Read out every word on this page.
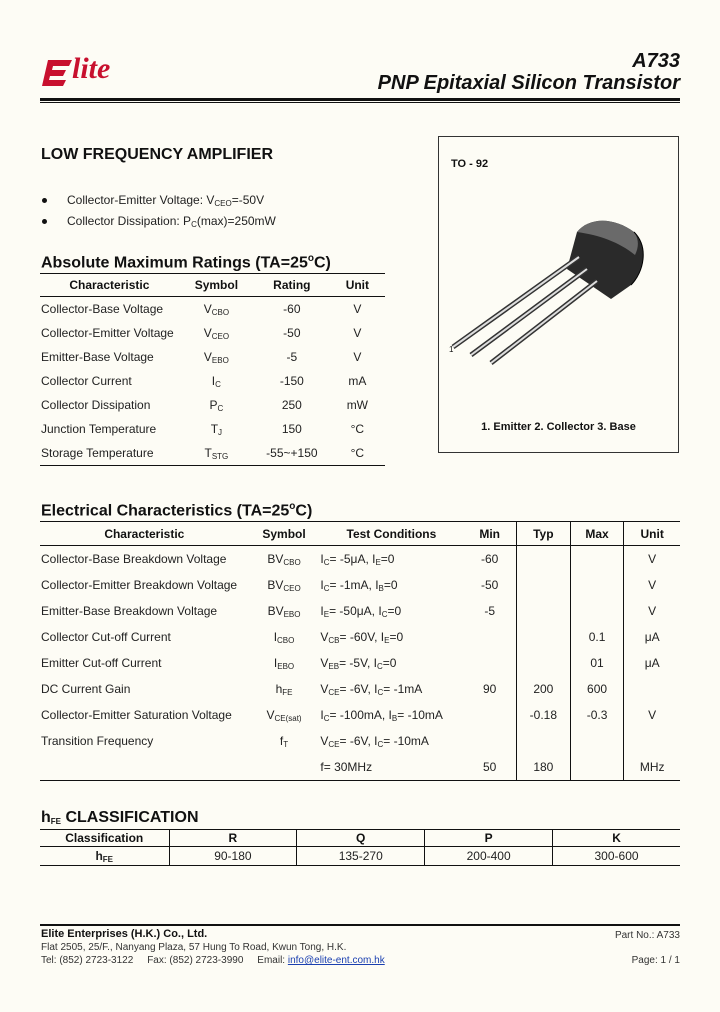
lite	A733
PNP Epitaxial Silicon Transistor
LOW FREQUENCY AMPLIFIER
Collector-Emitter Voltage: $V_{CEO}=-50V$
Collector Dissipation: $P_C(\max)=250mW$
Absolute Maximum Ratings $(TA=25^oC)$
Characteristic	Symbol	Rating	Unit
Collector-Base Voltage	$V_{CBO}$	-60	V
Collector-Emitter Voltage	$V_{CEO}$	-50	V
Emitter-Base Voltage	$V_{EBO}$	-5	V
Collector Current	$I_C$	-150	mA
Collector Dissipation	$P_C$	250	mW
Junction Temperature	$T_J$	150	°C
Storage Temperature	$T_{STG}$	-55~+150	°C
TO - 92
1
1. Emitter 2. Collector 3. Base
Electrical Characteristics $(TA=25^oC)$
Characteristic	Symbol	Test Conditions	Min	Typ	Max	Unit
Collector-Base Breakdown Voltage	$BV_{CBO}$	$I_C= -5\mu A$, $I_E=0$	-60			V
Collector-Emitter Breakdown Voltage	$BV_{CEO}$	$I_C= -1mA$, $I_B=0$	-50			V
Emitter-Base Breakdown Voltage	$BV_{EBO}$	$I_E= -50\mu A$, $I_C=0$	-5			V
Collector Cut-off Current	$I_{CBO}$	$V_{CB}= -60V$, $I_E=0$			0.1	μA
Emitter Cut-off Current	$I_{EBO}$	$V_{EB}= -5V$, $I_C=0$			01	μA
DC Current Gain	$h_{FE}$	$V_{CE}= -6V$, $I_C= -1mA$	90	200	600	
Collector-Emitter Saturation Voltage	$V_{CE(sat)}$	$I_C= -100mA$, $I_B= -10mA$		-0.18	-0.3	V
Transition Frequency	$f_T$	$V_{CE}= -6V$, $I_C= -10mA$				
		f= 30MHz	50	180		MHz
$h_{FE}$ CLASSIFICATION
Classification	R	Q	P	K
$h_{FE}$	90-180	135-270	200-400	300-600
Elite Enterprises (H.K.) Co., Ltd.
Flat 2505, 25/F., Nanyang Plaza, 57 Hung To Road, Kwun Tong, H.K.
Tel: (852) 2723-3122 Fax: (852) 2723-3990 Email: info@elite-ent.com.hk
Part No.: A733
Page: 1 / 1
